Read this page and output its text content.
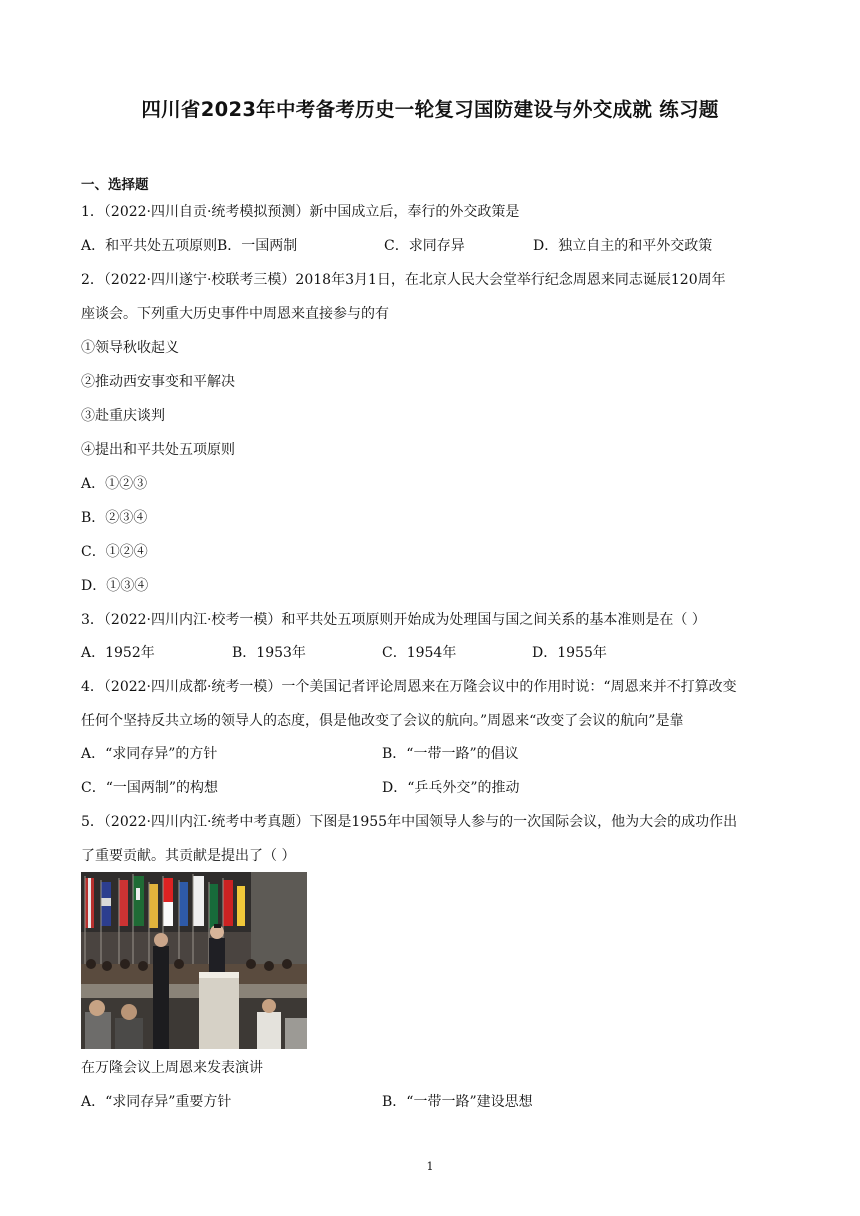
四川省2023年中考备考历史一轮复习国防建设与外交成就 练习题
一、选择题
1．（2022·四川自贡·统考模拟预测）新中国成立后，奉行的外交政策是
A．和平共处五项原则 B．一国两制	C．求同存异	D．独立自主的和平外交政策
2．（2022·四川遂宁·校联考三模）2018年3月1日，在北京人民大会堂举行纪念周恩来同志诞辰120周年
座谈会。下列重大历史事件中周恩来直接参与的有
①领导秋收起义
②推动西安事变和平解决
③赴重庆谈判
④提出和平共处五项原则
A．①②③
B．②③④
C．①②④
D．①③④
3．（2022·四川内江·校考一模）和平共处五项原则开始成为处理国与国之间关系的基本准则是在（ ）
A．1952年	B．1953年	C．1954年	D．1955年
4．（2022·四川成都·统考一模）一个美国记者评论周恩来在万隆会议中的作用时说：“周恩来并不打算改变
任何个坚持反共立场的领导人的态度，俱是他改变了会议的航向。”周恩来“改变了会议的航向”是靠
A．“求同存异”的方针	B．“一带一路”的倡议
C．“一国两制”的构想	D．“乒乓外交”的推动
5．（2022·四川内江·统考中考真题）下图是1955年中国领导人参与的一次国际会议，他为大会的成功作出
了重要贡献。其贡献是提出了（ ）
在万隆会议上周恩来发表演讲
A．“求同存异”重要方针	B．“一带一路”建设思想
1
